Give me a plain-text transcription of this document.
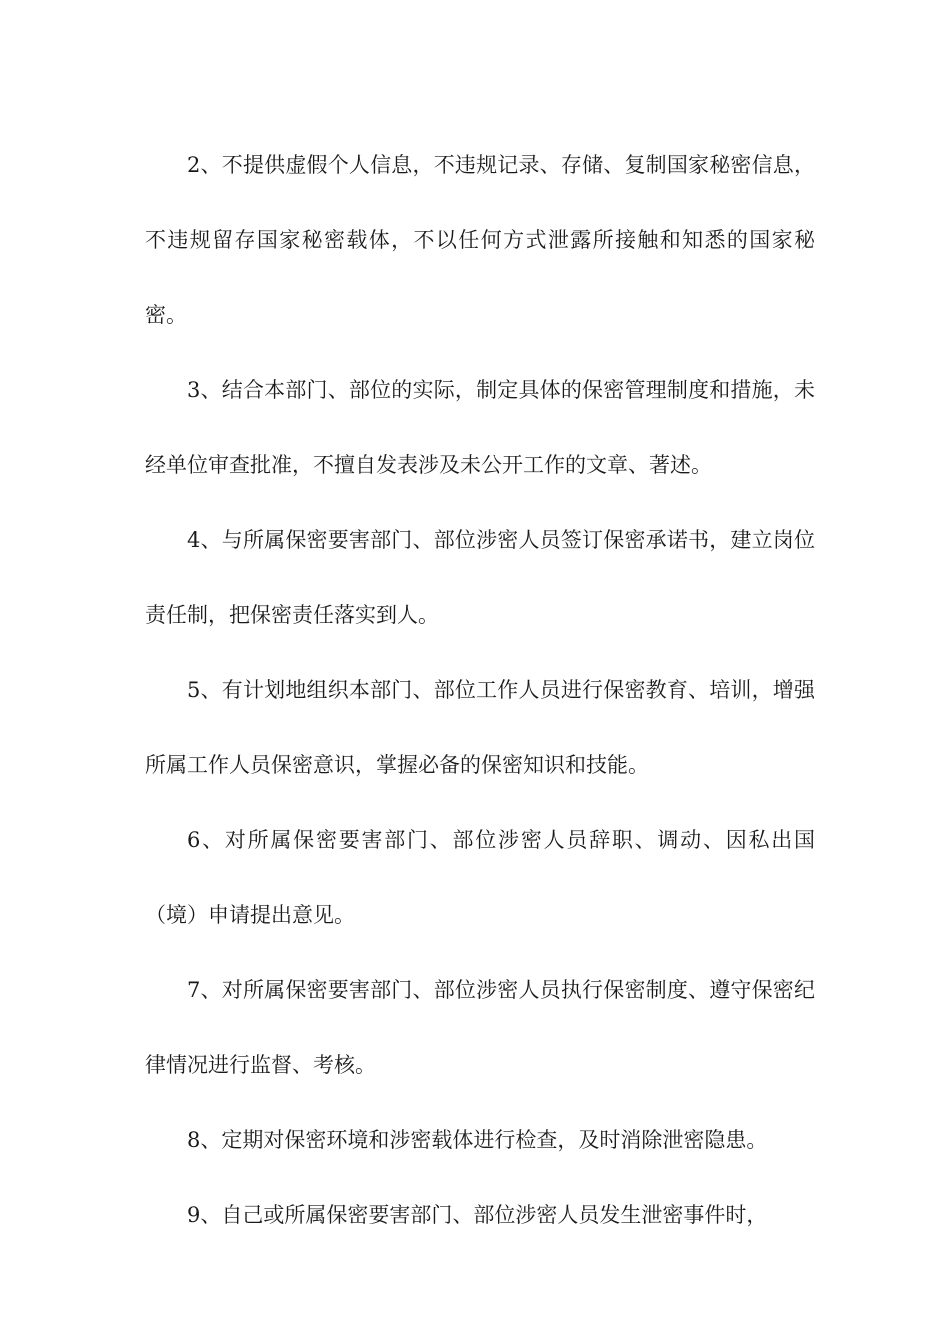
2、不提供虚假个人信息，不违规记录、存储、复制国家秘密信息，不违规留存国家秘密载体，不以任何方式泄露所接触和知悉的国家秘密。

3、结合本部门、部位的实际，制定具体的保密管理制度和措施，未经单位审查批准，不擅自发表涉及未公开工作的文章、著述。

4、与所属保密要害部门、部位涉密人员签订保密承诺书，建立岗位责任制，把保密责任落实到人。

5、有计划地组织本部门、部位工作人员进行保密教育、培训，增强所属工作人员保密意识，掌握必备的保密知识和技能。

6、对所属保密要害部门、部位涉密人员辞职、调动、因私出国（境）申请提出意见。

7、对所属保密要害部门、部位涉密人员执行保密制度、遵守保密纪律情况进行监督、考核。

8、定期对保密环境和涉密载体进行检查，及时消除泄密隐患。

9、自己或所属保密要害部门、部位涉密人员发生泄密事件时，
